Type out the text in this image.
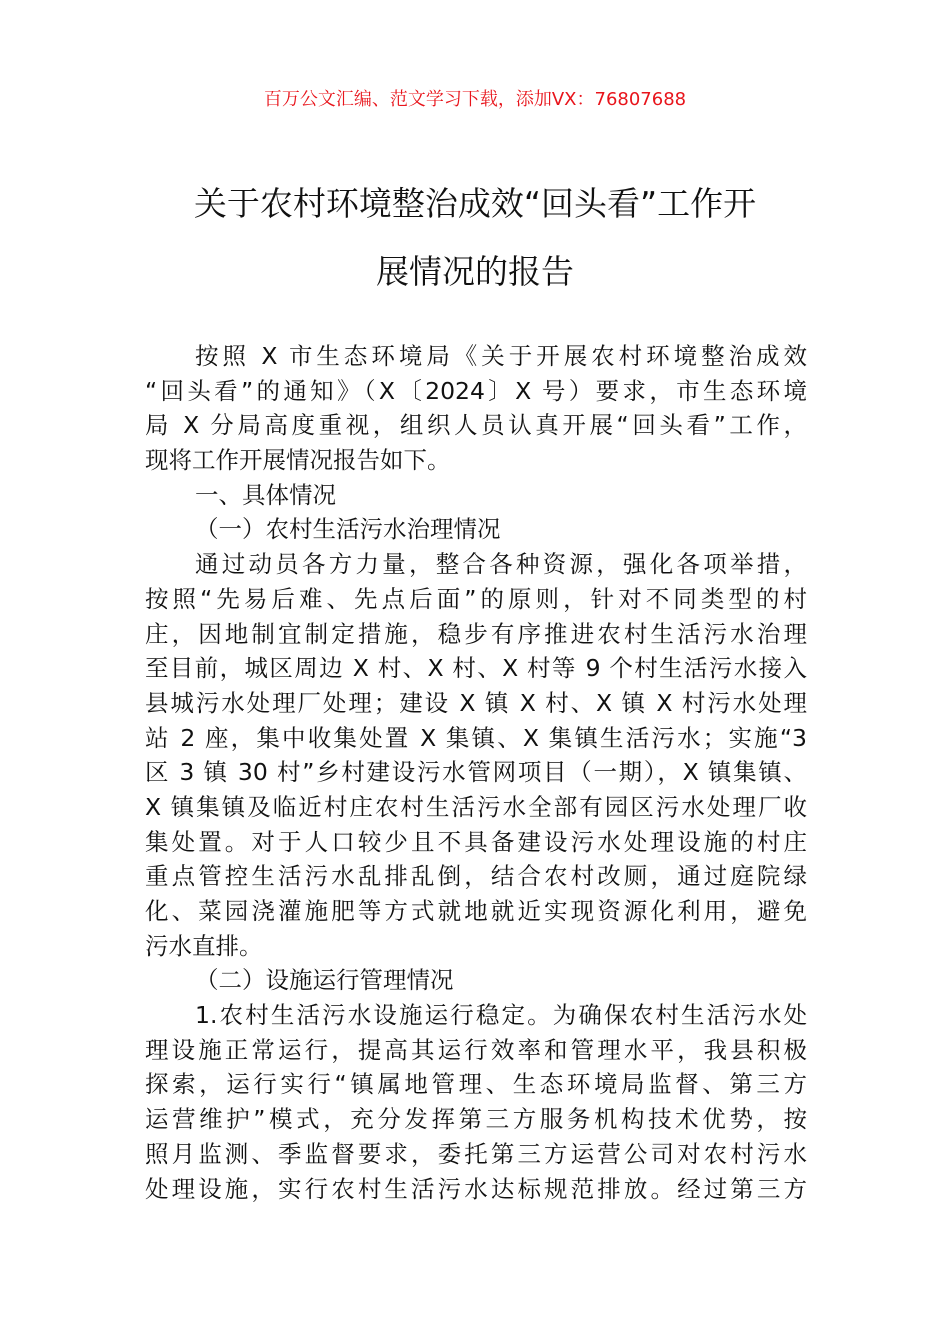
百万公文汇编、范文学习下载，添加VX：76807688
关于农村环境整治成效“回头看”工作开
展情况的报告
按照 X 市生态环境局《关于开展农村环境整治成效
“回头看”的通知》（X〔2024〕X 号）要求，市生态环境
局 X 分局高度重视，组织人员认真开展“回头看”工作，
现将工作开展情况报告如下。
一、具体情况
（一）农村生活污水治理情况
通过动员各方力量，整合各种资源，强化各项举措，
按照“先易后难、先点后面”的原则，针对不同类型的村
庄，因地制宜制定措施，稳步有序推进农村生活污水治理
至目前，城区周边 X 村、X 村、X 村等 9 个村生活污水接入
县城污水处理厂处理；建设 X 镇 X 村、X 镇 X 村污水处理
站 2 座，集中收集处置 X 集镇、X 集镇生活污水；实施“3
区 3 镇 30 村”乡村建设污水管网项目（一期），X 镇集镇、
X 镇集镇及临近村庄农村生活污水全部有园区污水处理厂收
集处置。对于人口较少且不具备建设污水处理设施的村庄
重点管控生活污水乱排乱倒，结合农村改厕，通过庭院绿
化、菜园浇灌施肥等方式就地就近实现资源化利用，避免
污水直排。
（二）设施运行管理情况
1.农村生活污水设施运行稳定。为确保农村生活污水处
理设施正常运行，提高其运行效率和管理水平，我县积极
探索，运行实行“镇属地管理、生态环境局监督、第三方
运营维护”模式，充分发挥第三方服务机构技术优势，按
照月监测、季监督要求，委托第三方运营公司对农村污水
处理设施，实行农村生活污水达标规范排放。经过第三方
